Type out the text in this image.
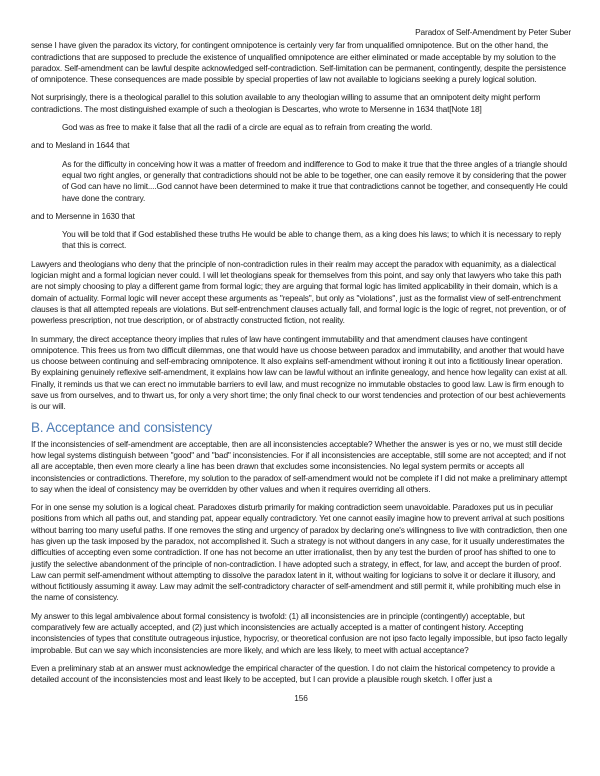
Paradox of Self-Amendment by Peter Suber

sense I have given the paradox its victory, for contingent omnipotence is certainly very far from unqualified omnipotence. But on the other hand, the contradictions that are supposed to preclude the existence of unqualified omnipotence are either eliminated or made acceptable by my solution to the paradox. Self-amendment can be lawful despite acknowledged self-contradiction. Self-limitation can be permanent, contingently, despite the persistence of omnipotence. These consequences are made possible by special properties of law not available to logicians seeking a purely logical solution.

Not surprisingly, there is a theological parallel to this solution available to any theologian willing to assume that an omnipotent deity might perform contradictions. The most distinguished example of such a theologian is Descartes, who wrote to Mersenne in 1634 that[Note 18]

God was as free to make it false that all the radii of a circle are equal as to refrain from creating the world.

and to Mesland in 1644 that

As for the difficulty in conceiving how it was a matter of freedom and indifference to God to make it true that the three angles of a triangle should equal two right angles, or generally that contradictions should not be able to be together, one can easily remove it by considering that the power of God can have no limit....God cannot have been determined to make it true that contradictions cannot be together, and consequently He could have done the contrary.

and to Mersenne in 1630 that

You will be told that if God established these truths He would be able to change them, as a king does his laws; to which it is necessary to reply that this is correct.

Lawyers and theologians who deny that the principle of non-contradiction rules in their realm may accept the paradox with equanimity, as a dialectical logician might and a formal logician never could. I will let theologians speak for themselves from this point, and say only that lawyers who take this path are not simply choosing to play a different game from formal logic; they are arguing that formal logic has limited applicability in their domain, which is a domain of actuality. Formal logic will never accept these arguments as "repeals", but only as "violations", just as the formalist view of self-entrenchment clauses is that all attempted repeals are violations. But self-entrenchment clauses actually fall, and formal logic is the logic of regret, not prevention, or of powerless prescription, not true description, or of abstractly constructed fiction, not reality.

In summary, the direct acceptance theory implies that rules of law have contingent immutability and that amendment clauses have contingent omnipotence. This frees us from two difficult dilemmas, one that would have us choose between paradox and immutability, and another that would have us choose between continuing and self-embracing omnipotence. It also explains self-amendment without ironing it out into a fictitiously linear operation. By explaining genuinely reflexive self-amendment, it explains how law can be lawful without an infinite genealogy, and hence how legality can exist at all. Finally, it reminds us that we can erect no immutable barriers to evil law, and must recognize no immutable obstacles to good law. Law is firm enough to save us from ourselves, and to thwart us, for only a very short time; the only final check to our worst tendencies and protection of our best achievements is our will.

B. Acceptance and consistency

If the inconsistencies of self-amendment are acceptable, then are all inconsistencies acceptable? Whether the answer is yes or no, we must still decide how legal systems distinguish between "good" and "bad" inconsistencies. For if all inconsistencies are acceptable, still some are not accepted; and if not all are acceptable, then even more clearly a line has been drawn that excludes some inconsistencies. No legal system permits or accepts all inconsistencies or contradictions. Therefore, my solution to the paradox of self-amendment would not be complete if I did not make a preliminary attempt to say when the ideal of consistency may be overridden by other values and when it requires overriding all others.

For in one sense my solution is a logical cheat. Paradoxes disturb primarily for making contradiction seem unavoidable. Paradoxes put us in peculiar positions from which all paths out, and standing pat, appear equally contradictory. Yet one cannot easily imagine how to prevent arrival at such positions without barring too many useful paths. If one removes the sting and urgency of paradox by declaring one's willingness to live with contradiction, then one has given up the task imposed by the paradox, not accomplished it. Such a strategy is not without dangers in any case, for it usually underestimates the difficulties of accepting even some contradiction. If one has not become an utter irrationalist, then by any test the burden of proof has shifted to one to justify the selective abandonment of the principle of non-contradiction. I have adopted such a strategy, in effect, for law, and accept the burden of proof. Law can permit self-amendment without attempting to dissolve the paradox latent in it, without waiting for logicians to solve it or declare it illusory, and without fictitiously assuming it away. Law may admit the self-contradictory character of self-amendment and still permit it, while prohibiting much else in the name of consistency.

My answer to this legal ambivalence about formal consistency is twofold: (1) all inconsistencies are in principle (contingently) acceptable, but comparatively few are actually accepted, and (2) just which inconsistencies are actually accepted is a matter of contingent history. Accepting inconsistencies of types that constitute outrageous injustice, hypocrisy, or theoretical confusion are not ipso facto legally impossible, but ipso facto legally improbable. But can we say which inconsistencies are more likely, and which are less likely, to meet with actual acceptance?

Even a preliminary stab at an answer must acknowledge the empirical character of the question. I do not claim the historical competency to provide a detailed account of the inconsistencies most and least likely to be accepted, but I can provide a plausible rough sketch. I offer just a

156
